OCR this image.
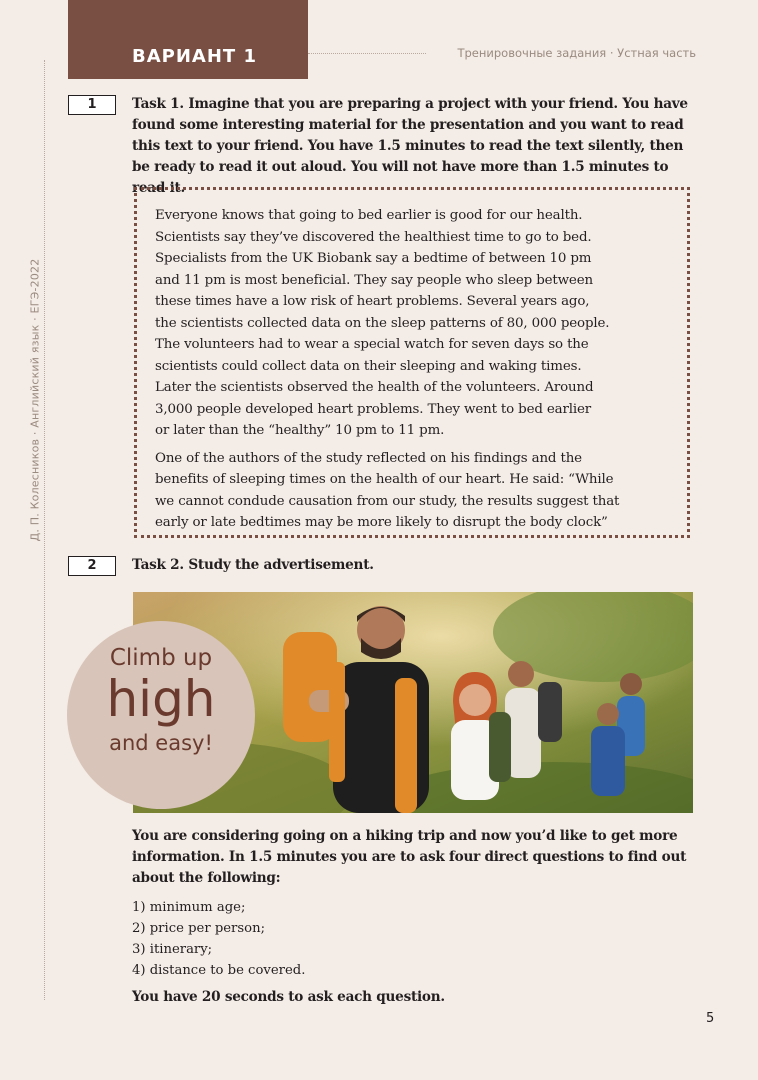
Д. П. Колесников · Английский язык · ЕГЭ-2022
ВАРИАНТ 1	Тренировочные задания · Устная часть
1	Task 1. Imagine that you are preparing a project with your friend. You have found some interesting material for the presentation and you want to read this text to your friend. You have 1.5 minutes to read the text silently, then be ready to read it out aloud. You will not have more than 1.5 minutes to read it.

Everyone knows that going to bed earlier is good for our health.
Scientists say they’ve discovered the healthiest time to go to bed.
Specialists from the UK Biobank say a bedtime of between 10 pm
and 11 pm is most beneficial. They say people who sleep between
these times have a low risk of heart problems. Several years ago,
the scientists collected data on the sleep patterns of 80, 000 people.
The volunteers had to wear a special watch for seven days so the
scientists could collect data on their sleeping and waking times.
Later the scientists observed the health of the volunteers. Around
3,000 people developed heart problems. They went to bed earlier
or later than the “healthy” 10 pm to 11 pm.

One of the authors of the study reflected on his findings and the
benefits of sleeping times on the health of our heart. He said: “While
we cannot condude causation from our study, the results suggest that
early or late bedtimes may be more likely to disrupt the body clock”

2	Task 2. Study the advertisement.
Climb up
high
and easy!
You are considering going on a hiking trip and now you’d like to get more information. In 1.5 minutes you are to ask four direct questions to find out about the following:
1) minimum age;
2) price per person;
3) itinerary;
4) distance to be covered.
You have 20 seconds to ask each question.
5
